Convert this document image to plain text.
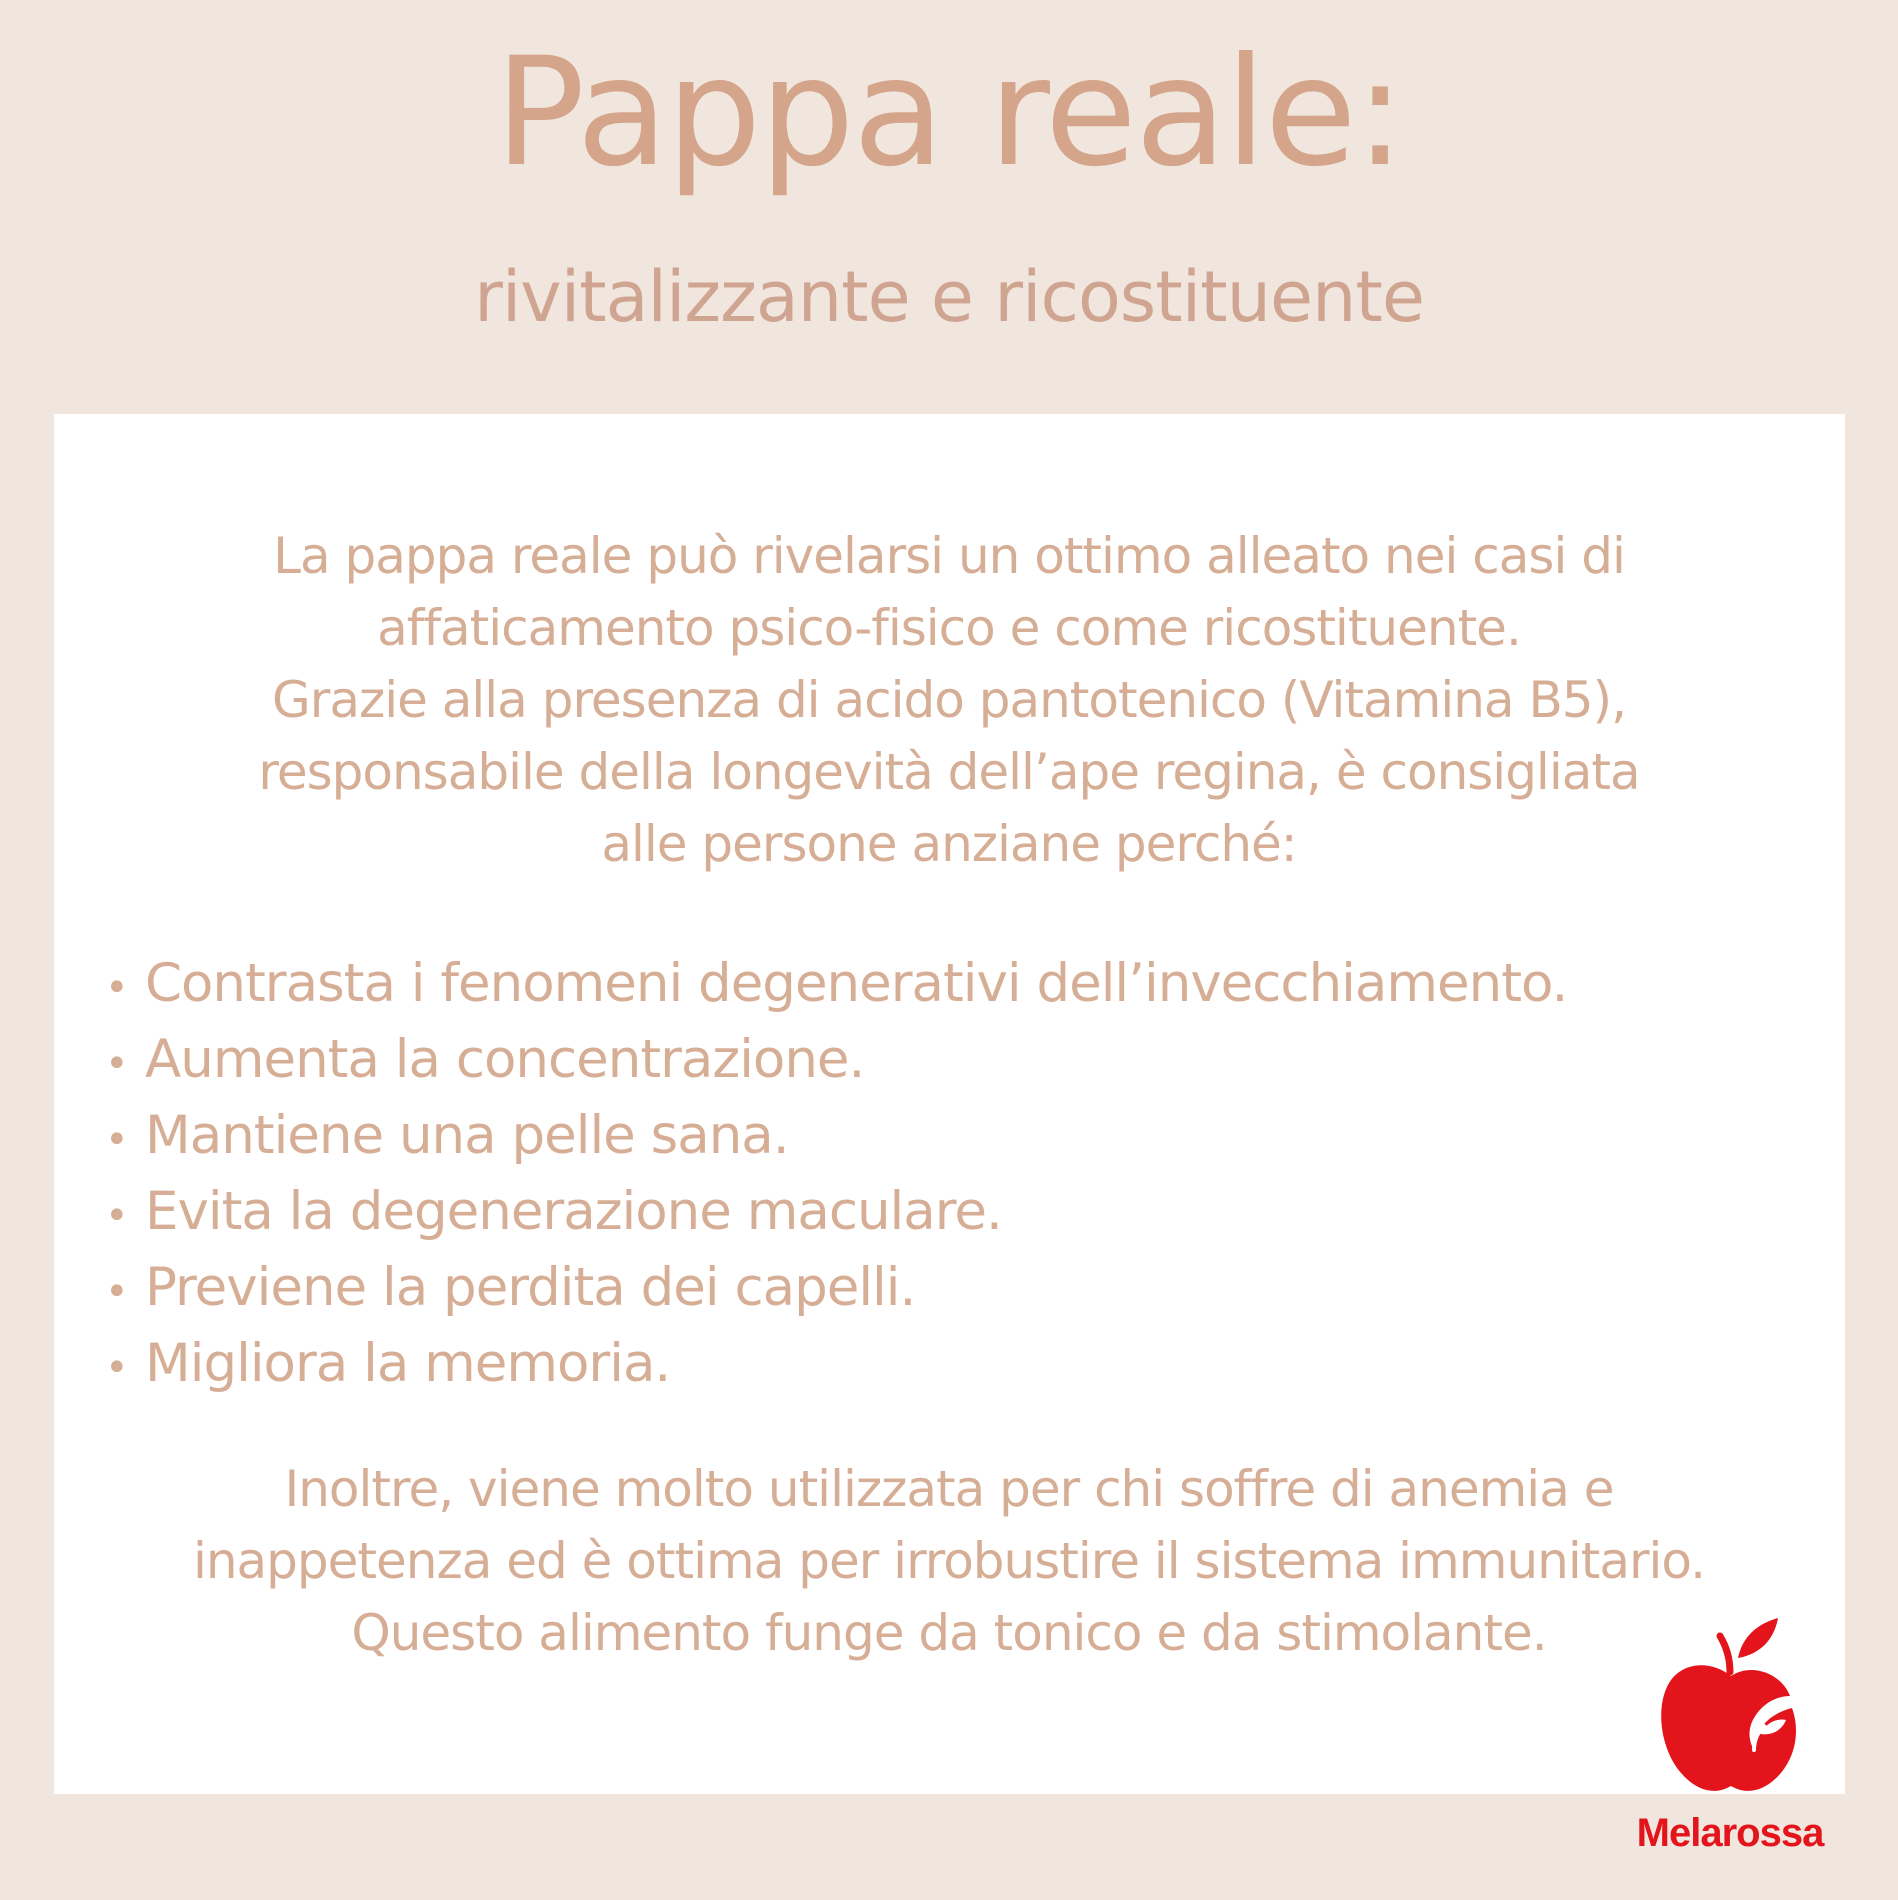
Pappa reale:
rivitalizzante e ricostituente
La pappa reale può rivelarsi un ottimo alleato nei casi di
affaticamento psico-fisico e come ricostituente.
Grazie alla presenza di acido pantotenico (Vitamina B5),
responsabile della longevità dell’ape regina, è consigliata
alle persone anziane perché:
• Contrasta i fenomeni degenerativi dell’invecchiamento.
• Aumenta la concentrazione.
• Mantiene una pelle sana.
• Evita la degenerazione maculare.
• Previene la perdita dei capelli.
• Migliora la memoria.
Inoltre, viene molto utilizzata per chi soffre di anemia e
inappetenza ed è ottima per irrobustire il sistema immunitario.
Questo alimento funge da tonico e da stimolante.
Melarossa
